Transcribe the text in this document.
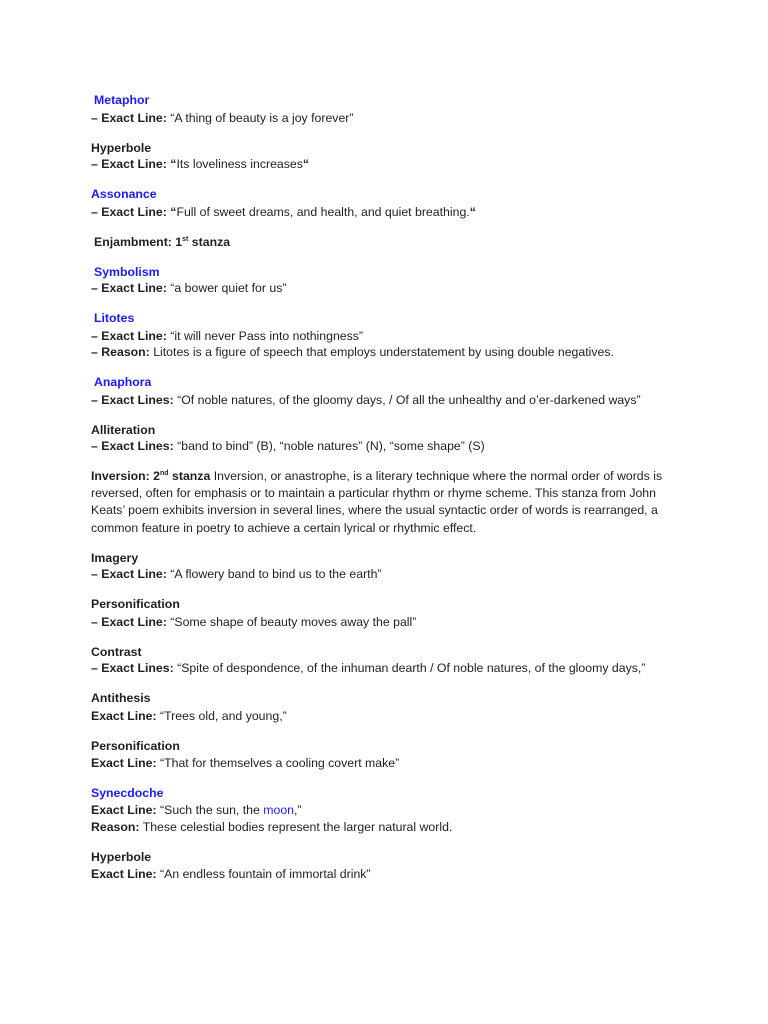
Metaphor
– Exact Line: “A thing of beauty is a joy forever”
Hyperbole
– Exact Line: “Its loveliness increases“
Assonance
– Exact Line: “Full of sweet dreams, and health, and quiet breathing.“
Enjambment: 1st stanza
Symbolism
– Exact Line: “a bower quiet for us”
Litotes
– Exact Line: “it will never Pass into nothingness”
– Reason: Litotes is a figure of speech that employs understatement by using double negatives.
Anaphora
– Exact Lines: “Of noble natures, of the gloomy days, / Of all the unhealthy and o’er-darkened ways”
Alliteration
– Exact Lines: “band to bind” (B), “noble natures” (N), “some shape” (S)
Inversion: 2nd stanza Inversion, or anastrophe, is a literary technique where the normal order of words is reversed, often for emphasis or to maintain a particular rhythm or rhyme scheme. This stanza from John Keats’ poem exhibits inversion in several lines, where the usual syntactic order of words is rearranged, a common feature in poetry to achieve a certain lyrical or rhythmic effect.
Imagery
– Exact Line: “A flowery band to bind us to the earth”
Personification
– Exact Line: “Some shape of beauty moves away the pall”
Contrast
– Exact Lines: “Spite of despondence, of the inhuman dearth / Of noble natures, of the gloomy days,”
Antithesis
Exact Line: “Trees old, and young,”
Personification
Exact Line: “That for themselves a cooling covert make”
Synecdoche
Exact Line: “Such the sun, the moon,”
Reason: These celestial bodies represent the larger natural world.
Hyperbole
Exact Line: “An endless fountain of immortal drink”
